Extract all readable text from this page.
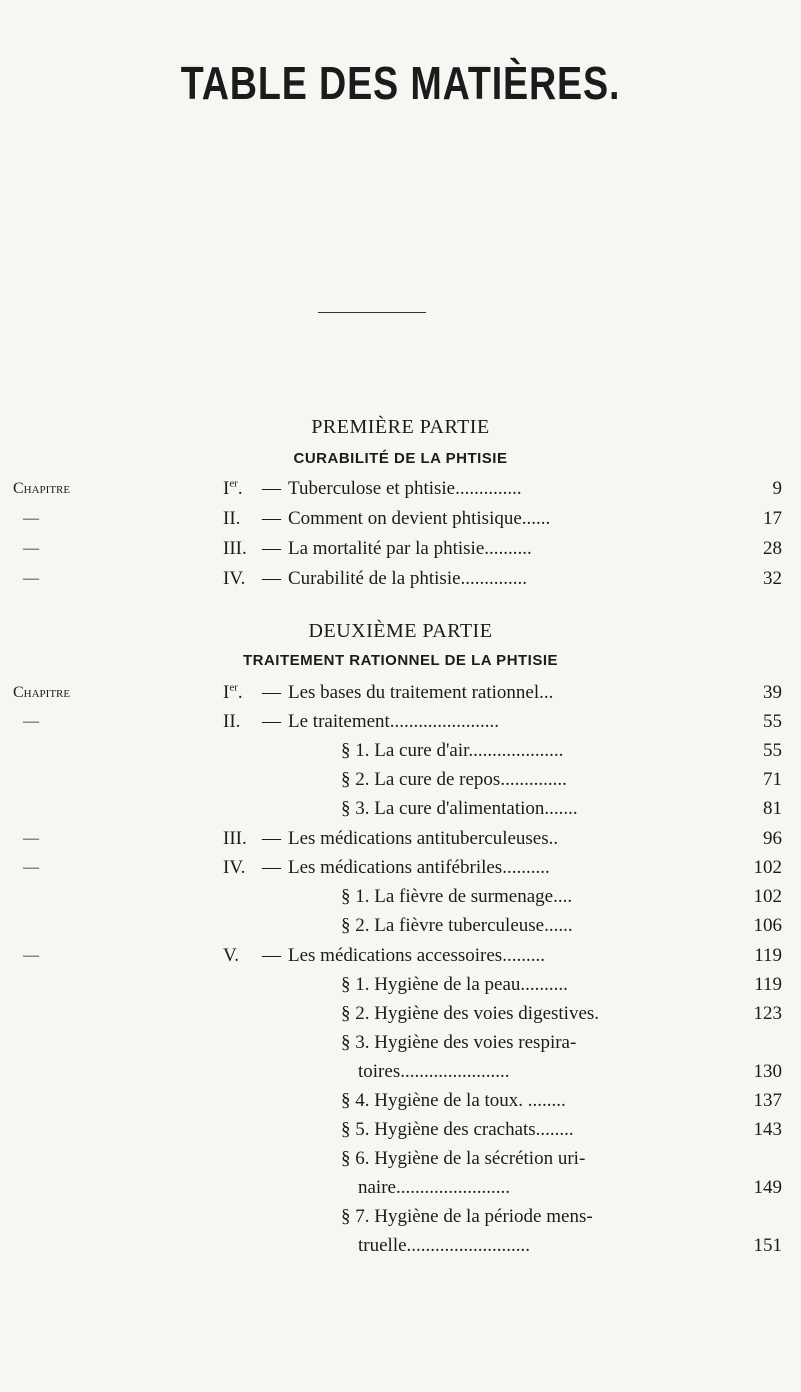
TABLE DES MATIÈRES.
PREMIÈRE PARTIE
CURABILITÉ DE LA PHTISIE
Chapitre	Ier. — Tuberculose et phtisie..............	9
—	II. — Comment on devient phtisique......	17
—	III. — La mortalité par la phtisie..........	28
—	IV. — Curabilité de la phtisie..............	32
DEUXIÈME PARTIE
TRAITEMENT RATIONNEL DE LA PHTISIE
Chapitre	Ier. — Les bases du traitement rationnel...	39
—	II. — Le traitement.......................	55
§ 1. La cure d'air....................	55
§ 2. La cure de repos..............	71
§ 3. La cure d'alimentation.......	81
—	III. — Les médications antituberculeuses..	96
—	IV. — Les médications antifébriles..........	102
§ 1. La fièvre de surmenage....	102
§ 2. La fièvre tuberculeuse......	106
—	V. — Les médications accessoires.........	119
§ 1. Hygiène de la peau..........	119
§ 2. Hygiène des voies digestives.	123
§ 3. Hygiène des voies respira-
toires.......................	130
§ 4. Hygiène de la toux. ........	137
§ 5. Hygiène des crachats........	143
§ 6. Hygiène de la sécrétion uri-
naire........................	149
§ 7. Hygiène de la période mens-
truelle..........................	151
